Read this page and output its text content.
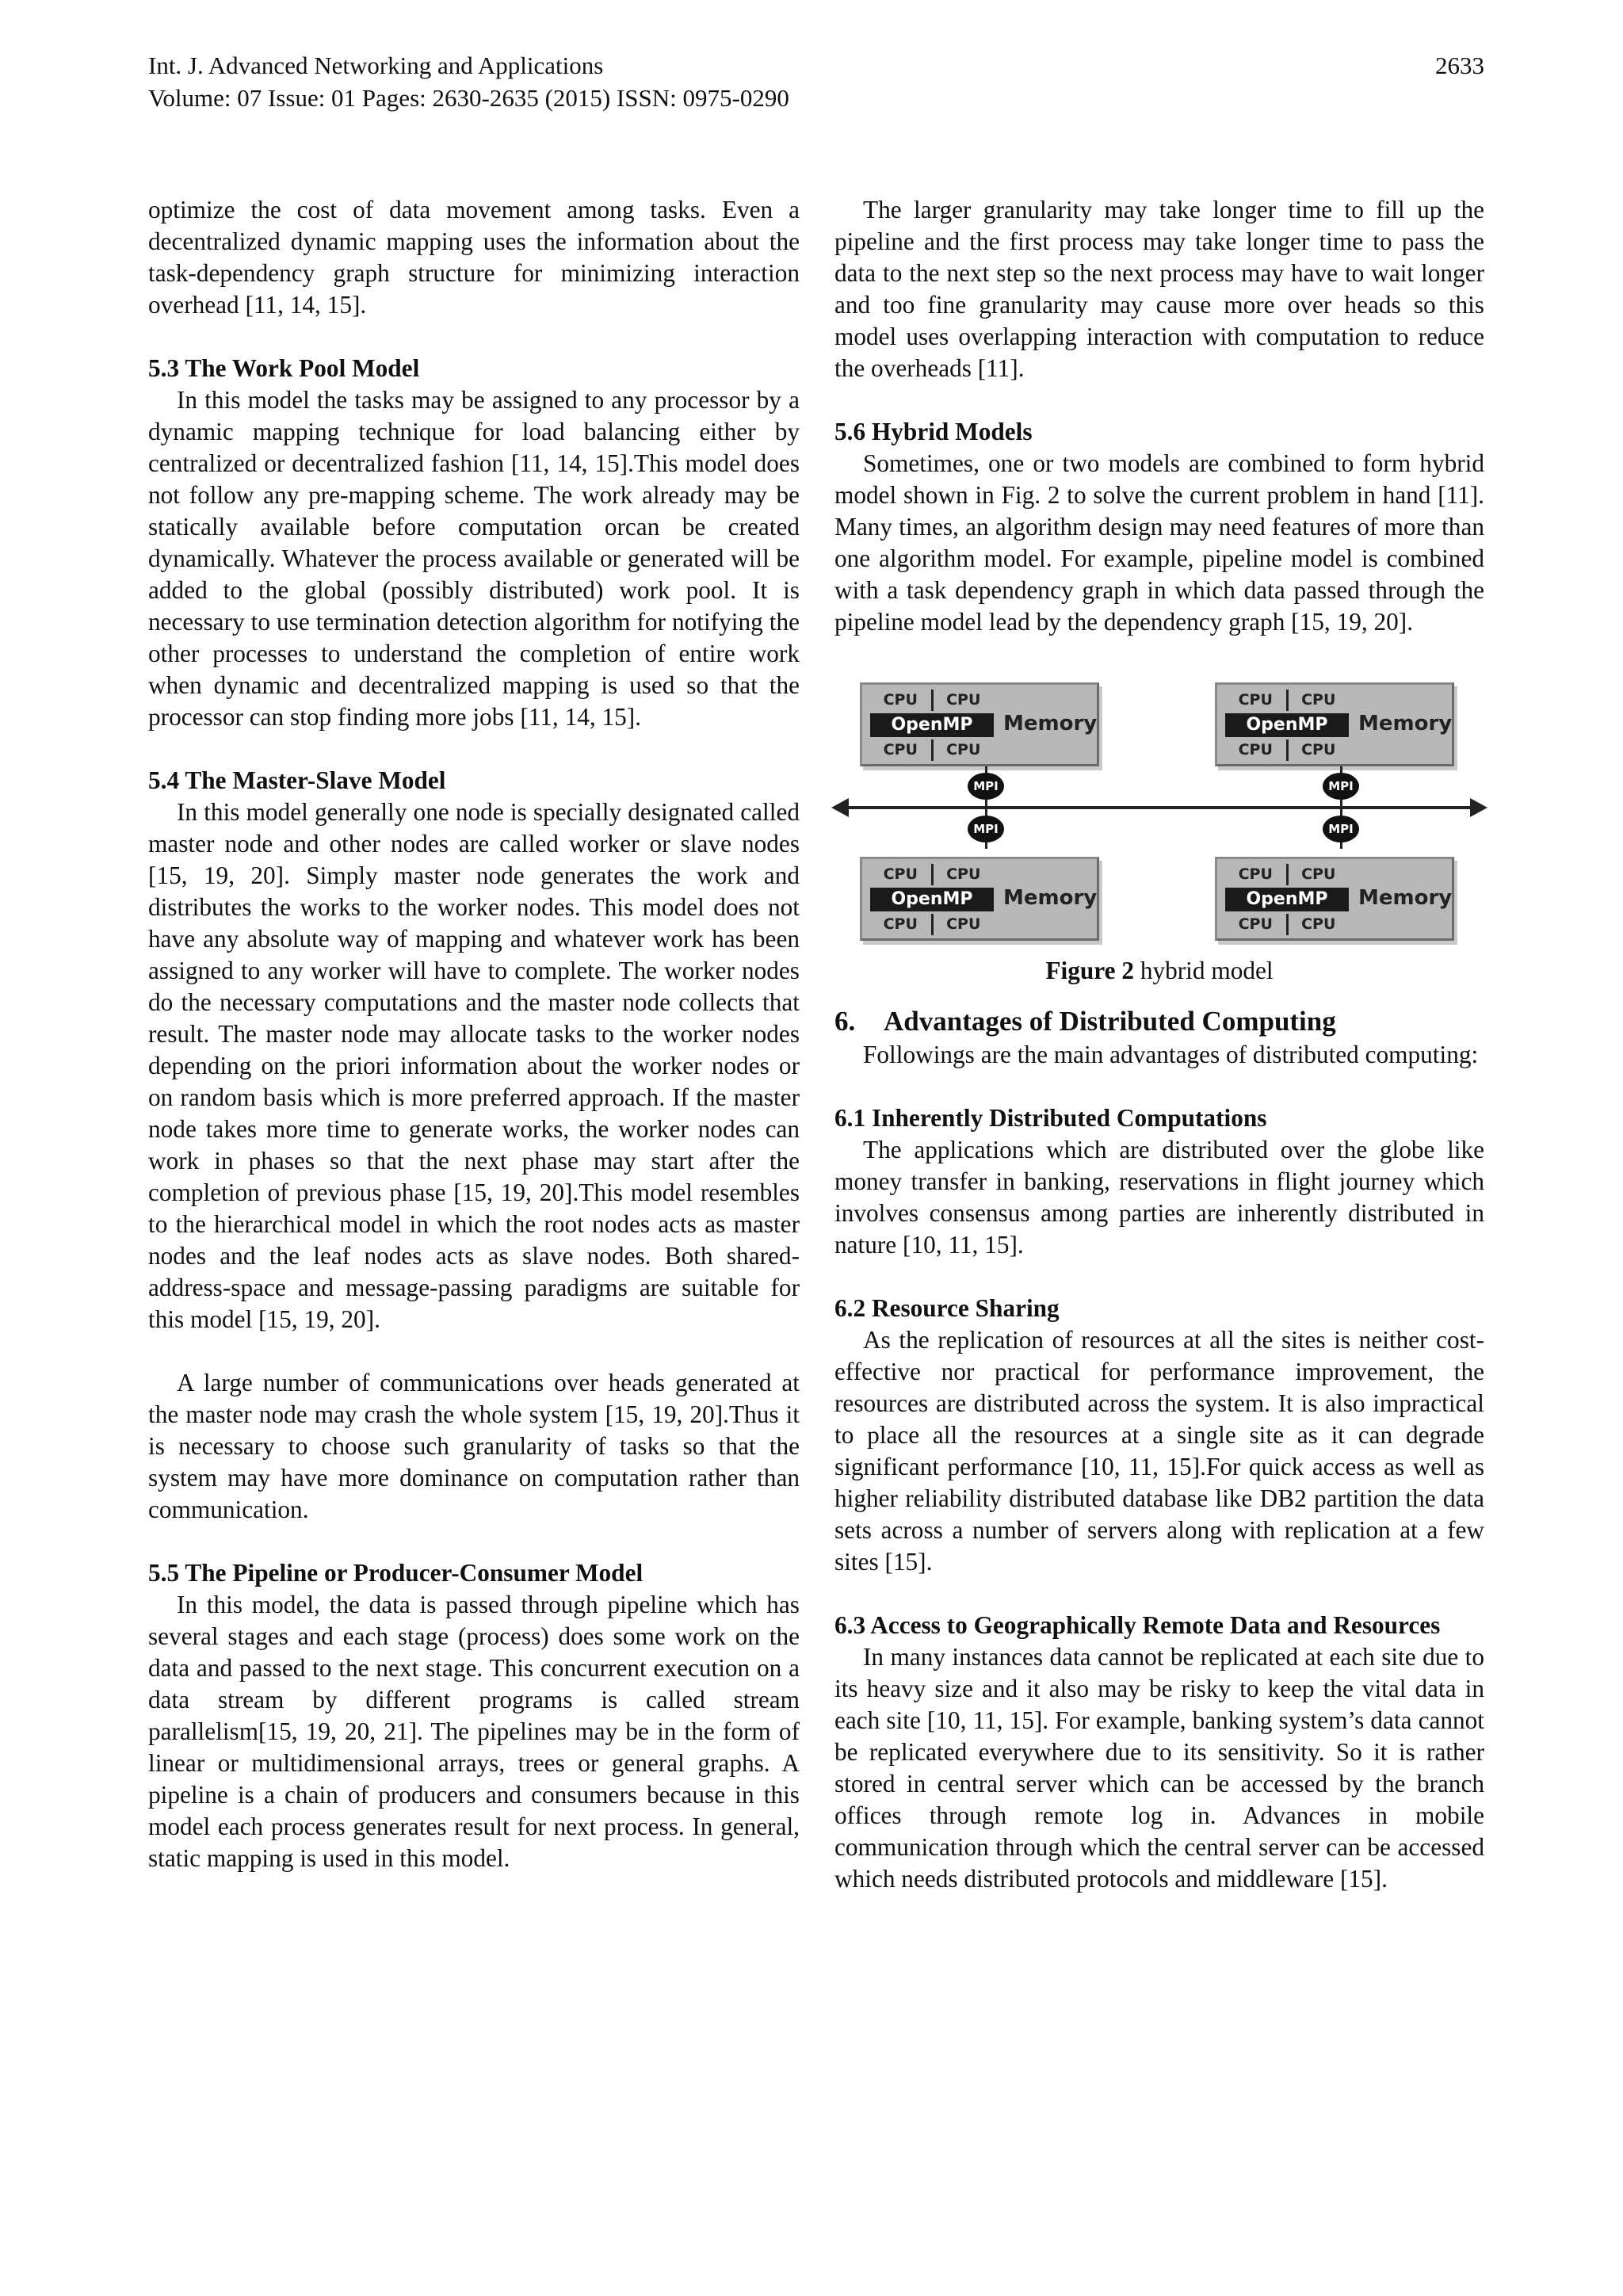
Int. J. Advanced Networking and Applications
Volume: 07 Issue: 01 Pages: 2630-2635 (2015) ISSN: 0975-0290
2633

optimize the cost of data movement among tasks. Even a decentralized dynamic mapping uses the information about the task-dependency graph structure for minimizing interaction overhead [11, 14, 15].

5.3 The Work Pool Model

In this model the tasks may be assigned to any processor by a dynamic mapping technique for load balancing either by centralized or decentralized fashion [11, 14, 15].This model does not follow any pre-mapping scheme. The work already may be statically available before computation orcan be created dynamically. Whatever the process available or generated will be added to the global (possibly distributed) work pool. It is necessary to use termination detection algorithm for notifying the other processes to understand the completion of entire work when dynamic and decentralized mapping is used so that the processor can stop finding more jobs [11, 14, 15].

5.4 The Master-Slave Model

In this model generally one node is specially designated called master node and other nodes are called worker or slave nodes [15, 19, 20]. Simply master node generates the work and distributes the works to the worker nodes. This model does not have any absolute way of mapping and whatever work has been assigned to any worker will have to complete. The worker nodes do the necessary computations and the master node collects that result. The master node may allocate tasks to the worker nodes depending on the priori information about the worker nodes or on random basis which is more preferred approach. If the master node takes more time to generate works, the worker nodes can work in phases so that the next phase may start after the completion of previous phase [15, 19, 20].This model resembles to the hierarchical model in which the root nodes acts as master nodes and the leaf nodes acts as slave nodes. Both shared-address-space and message-passing paradigms are suitable for this model [15, 19, 20].

A large number of communications over heads generated at the master node may crash the whole system [15, 19, 20].Thus it is necessary to choose such granularity of tasks so that the system may have more dominance on computation rather than communication.

5.5 The Pipeline or Producer-Consumer Model

In this model, the data is passed through pipeline which has several stages and each stage (process) does some work on the data and passed to the next stage. This concurrent execution on a data stream by different programs is called stream parallelism[15, 19, 20, 21]. The pipelines may be in the form of linear or multidimensional arrays, trees or general graphs. A pipeline is a chain of producers and consumers because in this model each process generates result for next process. In general, static mapping is used in this model.

The larger granularity may take longer time to fill up the pipeline and the first process may take longer time to pass the data to the next step so the next process may have to wait longer and too fine granularity may cause more over heads so this model uses overlapping interaction with computation to reduce the overheads [11].

5.6 Hybrid Models

Sometimes, one or two models are combined to form hybrid model shown in Fig. 2 to solve the current problem in hand [11]. Many times, an algorithm design may need features of more than one algorithm model. For example, pipeline model is combined with a task dependency graph in which data passed through the pipeline model lead by the dependency graph [15, 19, 20].

CPU	CPU
OpenMP
CPU	CPU
Memory
CPU	CPU
OpenMP
CPU	CPU
Memory
CPU	CPU
OpenMP
CPU	CPU
Memory
CPU	CPU
OpenMP
CPU	CPU
Memory
MPI	MPI
MPI	MPI
Figure 2 hybrid model
6. Advantages of Distributed Computing

Followings are the main advantages of distributed computing:

6.1 Inherently Distributed Computations

The applications which are distributed over the globe like money transfer in banking, reservations in flight journey which involves consensus among parties are inherently distributed in nature [10, 11, 15].

6.2 Resource Sharing

As the replication of resources at all the sites is neither cost-effective nor practical for performance improvement, the resources are distributed across the system. It is also impractical to place all the resources at a single site as it can degrade significant performance [10, 11, 15].For quick access as well as higher reliability distributed database like DB2 partition the data sets across a number of servers along with replication at a few sites [15].

6.3 Access to Geographically Remote Data and Resources

In many instances data cannot be replicated at each site due to its heavy size and it also may be risky to keep the vital data in each site [10, 11, 15]. For example, banking system’s data cannot be replicated everywhere due to its sensitivity. So it is rather stored in central server which can be accessed by the branch offices through remote log in. Advances in mobile communication through which the central server can be accessed which needs distributed protocols and middleware [15].
